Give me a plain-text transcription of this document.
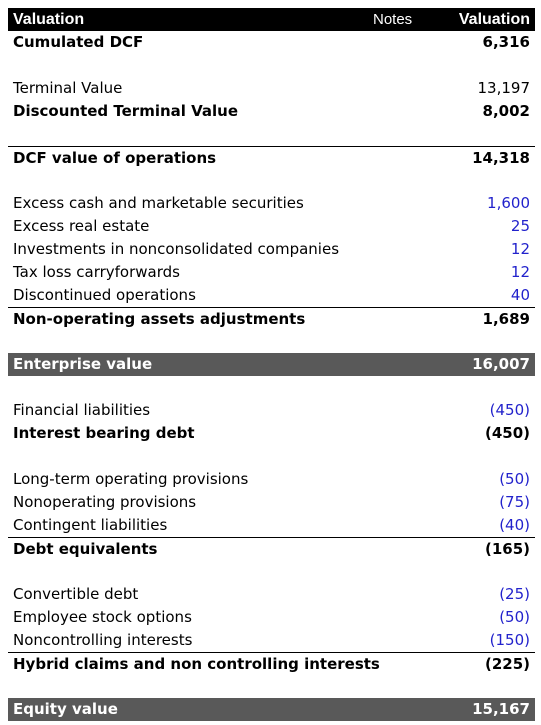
Valuation	Notes	Valuation
Cumulated DCF	6,316
Terminal Value	13,197
Discounted Terminal Value	8,002
DCF value of operations	14,318
Excess cash and marketable securities	1,600
Excess real estate	25
Investments in nonconsolidated companies	12
Tax loss carryforwards	12
Discontinued operations	40
Non-operating assets adjustments	1,689
Enterprise value	16,007
Financial liabilities	(450)
Interest bearing debt	(450)
Long-term operating provisions	(50)
Nonoperating provisions	(75)
Contingent liabilities	(40)
Debt equivalents	(165)
Convertible debt	(25)
Employee stock options	(50)
Noncontrolling interests	(150)
Hybrid claims and non controlling interests	(225)
Equity value	15,167
